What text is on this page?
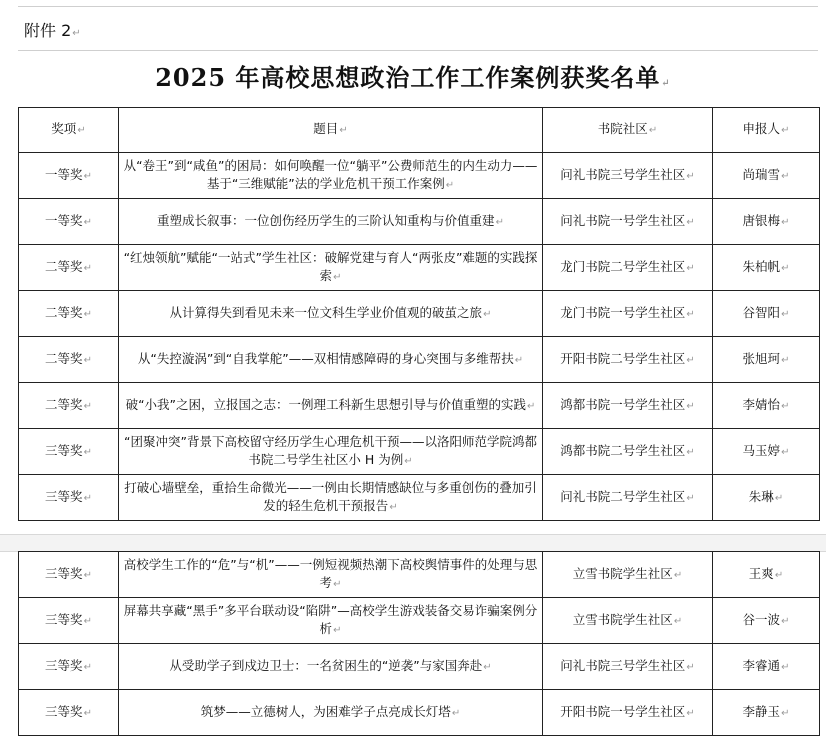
附件 2↵
2025 年高校思想政治工作工作案例获奖名单↵
奖项↵	题目↵	书院社区↵	申报人↵
一等奖↵	从“卷王”到“咸鱼”的困局：如何唤醒一位“躺平”公费师范生的内生动力——基于“三维赋能”法的学业危机干预工作案例↵	问礼书院三号学生社区↵	尚瑞雪↵
一等奖↵	重塑成长叙事：一位创伤经历学生的三阶认知重构与价值重建↵	问礼书院一号学生社区↵	唐银梅↵
二等奖↵	“红烛领航”赋能“一站式”学生社区：破解党建与育人“两张皮”难题的实践探索↵	龙门书院二号学生社区↵	朱柏帆↵
二等奖↵	从计算得失到看见未来一位文科生学业价值观的破茧之旅↵	龙门书院一号学生社区↵	谷智阳↵
二等奖↵	从“失控漩涡”到“自我掌舵”——双相情感障碍的身心突围与多维帮扶↵	开阳书院二号学生社区↵	张旭珂↵
二等奖↵	破“小我”之困，立报国之志：一例理工科新生思想引导与价值重塑的实践↵	鸿都书院一号学生社区↵	李婧怡↵
三等奖↵	“团聚冲突”背景下高校留守经历学生心理危机干预——以洛阳师范学院鸿都书院二号学生社区小 H 为例↵	鸿都书院二号学生社区↵	马玉婷↵
三等奖↵	打破心墙壁垒，重拾生命微光——一例由长期情感缺位与多重创伤的叠加引发的轻生危机干预报告↵	问礼书院二号学生社区↵	朱琳↵
三等奖↵	高校学生工作的“危”与“机”——一例短视频热潮下高校舆情事件的处理与思考↵	立雪书院学生社区↵	王爽↵
三等奖↵	屏幕共享藏“黑手”多平台联动设“陷阱”—高校学生游戏装备交易诈骗案例分析↵	立雪书院学生社区↵	谷一波↵
三等奖↵	从受助学子到戍边卫士：一名贫困生的“逆袭”与家国奔赴↵	问礼书院三号学生社区↵	李睿通↵
三等奖↵	筑梦——立德树人，为困难学子点亮成长灯塔↵	开阳书院一号学生社区↵	李静玉↵
